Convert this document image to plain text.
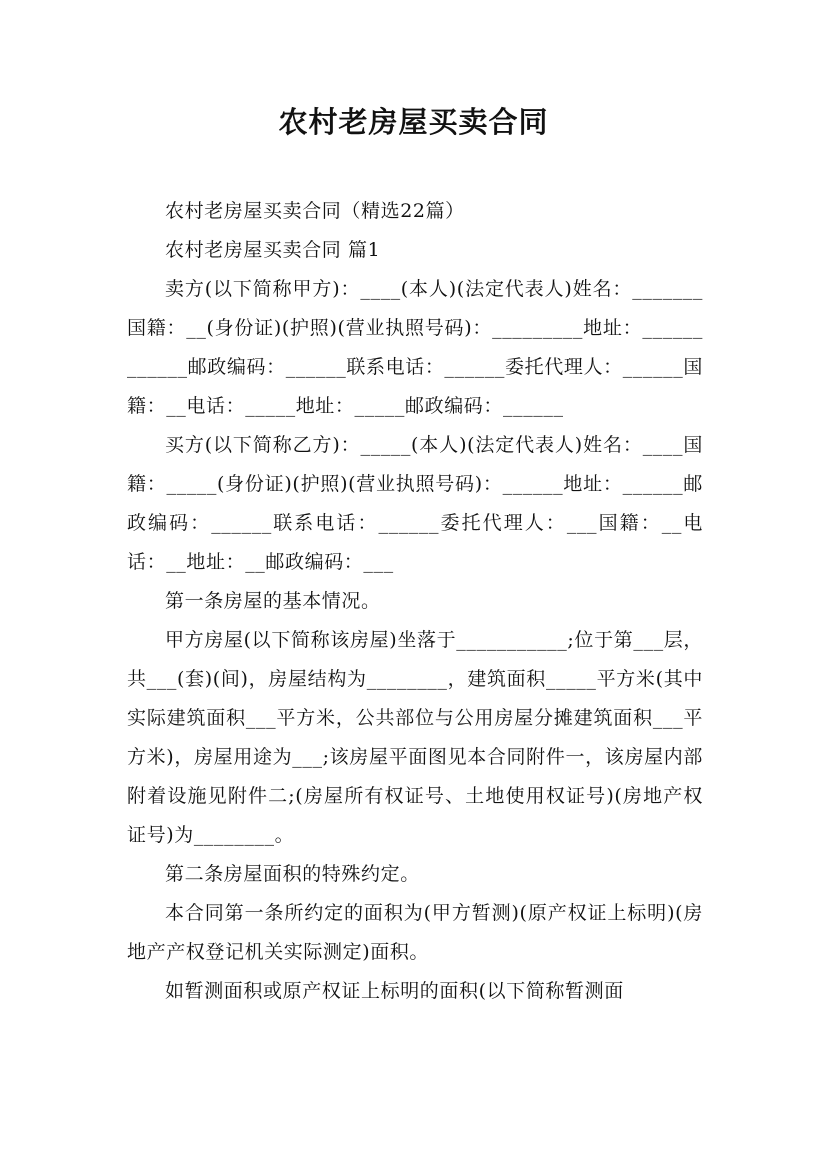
农村老房屋买卖合同

农村老房屋买卖合同（精选22篇）

农村老房屋买卖合同 篇1

卖方(以下简称甲方)：____(本人)(法定代表人)姓名：_______国籍：__(身份证)(护照)(营业执照号码)：_________地址：____________邮政编码：______联系电话：______委托代理人：______国籍：__电话：_____地址：_____邮政编码：______

买方(以下简称乙方)：_____(本人)(法定代表人)姓名：____国籍：_____(身份证)(护照)(营业执照号码)：______地址：______邮政编码：______联系电话：______委托代理人：___国籍：__电话：__地址：__邮政编码：___

第一条房屋的基本情况。

甲方房屋(以下简称该房屋)坐落于___________;位于第___层，共___(套)(间)，房屋结构为________，建筑面积_____平方米(其中实际建筑面积___平方米，公共部位与公用房屋分摊建筑面积___平方米)，房屋用途为___;该房屋平面图见本合同附件一，该房屋内部附着设施见附件二;(房屋所有权证号、土地使用权证号)(房地产权证号)为________。

第二条房屋面积的特殊约定。

本合同第一条所约定的面积为(甲方暂测)(原产权证上标明)(房地产产权登记机关实际测定)面积。

如暂测面积或原产权证上标明的面积(以下简称暂测面
